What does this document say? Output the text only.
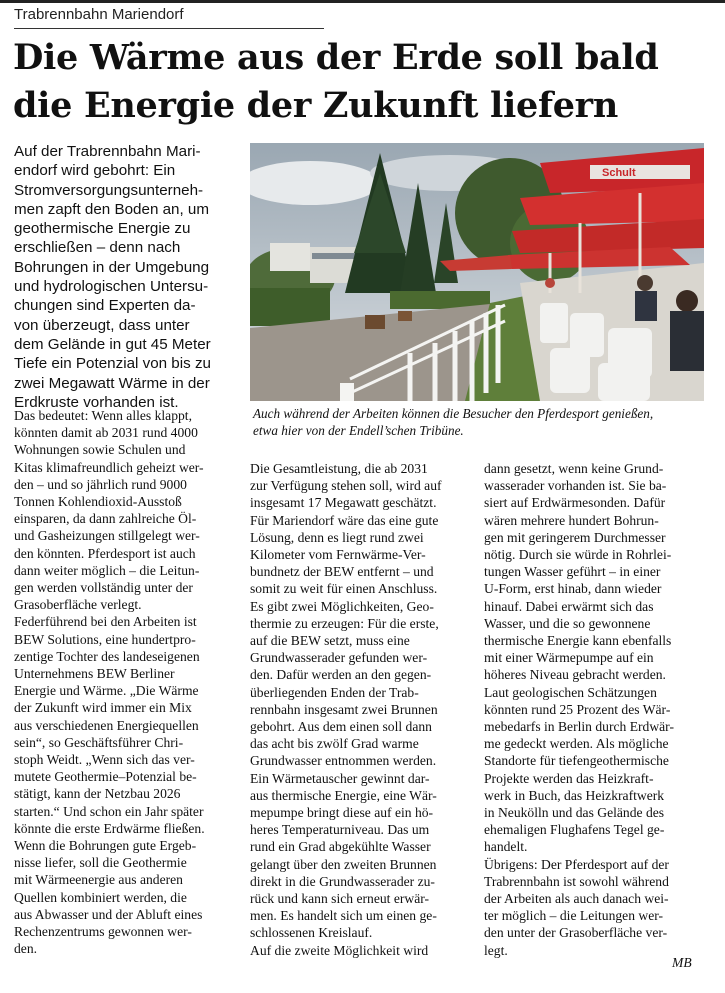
Trabrennbahn Mariendorf
Die Wärme aus der Erde soll bald
die Energie der Zukunft liefern

Auf der Trabrennbahn Mari-
endorf wird gebohrt: Ein
Stromversorgungsunterneh-
men zapft den Boden an, um
geothermische Energie zu
erschließen – denn nach
Bohrungen in der Umgebung
und hydrologischen Untersu-
chungen sind Experten da-
von überzeugt, dass unter
dem Gelände in gut 45 Meter
Tiefe ein Potenzial von bis zu
zwei Megawatt Wärme in der
Erdkruste vorhanden ist.

Schult

Auch während der Arbeiten können die Besucher den Pferdesport genießen,
etwa hier von der Endell’schen Tribüne.

Das bedeutet: Wenn alles klappt,
könnten damit ab 2031 rund 4000
Wohnungen sowie Schulen und
Kitas klimafreundlich geheizt wer-
den – und so jährlich rund 9000
Tonnen Kohlendioxid-Ausstoß
einsparen, da dann zahlreiche Öl-
und Gasheizungen stillgelegt wer-
den könnten. Pferdesport ist auch
dann weiter möglich – die Leitun-
gen werden vollständig unter der
Grasoberfläche verlegt.
Federführend bei den Arbeiten ist
BEW Solutions, eine hundertpro-
zentige Tochter des landeseigenen
Unternehmens BEW Berliner
Energie und Wärme. „Die Wärme
der Zukunft wird immer ein Mix
aus verschiedenen Energiequellen
sein“, so Geschäftsführer Chri-
stoph Weidt. „Wenn sich das ver-
mutete Geothermie–Potenzial be-
stätigt, kann der Netzbau 2026
starten.“ Und schon ein Jahr später
könnte die erste Erdwärme fließen.
Wenn die Bohrungen gute Ergeb-
nisse liefer, soll die Geothermie
mit Wärmeenergie aus anderen
Quellen kombiniert werden, die
aus Abwasser und der Abluft eines
Rechenzentrums gewonnen wer-
den.

Die Gesamtleistung, die ab 2031
zur Verfügung stehen soll, wird auf
insgesamt 17 Megawatt geschätzt.
Für Mariendorf wäre das eine gute
Lösung, denn es liegt rund zwei
Kilometer vom Fernwärme-Ver-
bundnetz der BEW entfernt – und
somit zu weit für einen Anschluss.
Es gibt zwei Möglichkeiten, Geo-
thermie zu erzeugen: Für die erste,
auf die BEW setzt, muss eine
Grundwasserader gefunden wer-
den. Dafür werden an den gegen-
überliegenden Enden der Trab-
rennbahn insgesamt zwei Brunnen
gebohrt. Aus dem einen soll dann
das acht bis zwölf Grad warme
Grundwasser entnommen werden.
Ein Wärmetauscher gewinnt dar-
aus thermische Energie, eine Wär-
mepumpe bringt diese auf ein hö-
heres Temperaturniveau. Das um
rund ein Grad abgekühlte Wasser
gelangt über den zweiten Brunnen
direkt in die Grundwasserader zu-
rück und kann sich erneut erwär-
men. Es handelt sich um einen ge-
schlossenen Kreislauf.
Auf die zweite Möglichkeit wird

dann gesetzt, wenn keine Grund-
wasserader vorhanden ist. Sie ba-
siert auf Erdwärmesonden. Dafür
wären mehrere hundert Bohrun-
gen mit geringerem Durchmesser
nötig. Durch sie würde in Rohrlei-
tungen Wasser geführt – in einer
U-Form, erst hinab, dann wieder
hinauf. Dabei erwärmt sich das
Wasser, und die so gewonnene
thermische Energie kann ebenfalls
mit einer Wärmepumpe auf ein
höheres Niveau gebracht werden.
Laut geologischen Schätzungen
könnten rund 25 Prozent des Wär-
mebedarfs in Berlin durch Erdwär-
me gedeckt werden. Als mögliche
Standorte für tiefengeothermische
Projekte werden das Heizkraft-
werk in Buch, das Heizkraftwerk
in Neukölln und das Gelände des
ehemaligen Flughafens Tegel ge-
handelt.
Übrigens: Der Pferdesport auf der
Trabrennbahn ist sowohl während
der Arbeiten als auch danach wei-
ter möglich – die Leitungen wer-
den unter der Grasoberfläche ver-
legt.

MB
